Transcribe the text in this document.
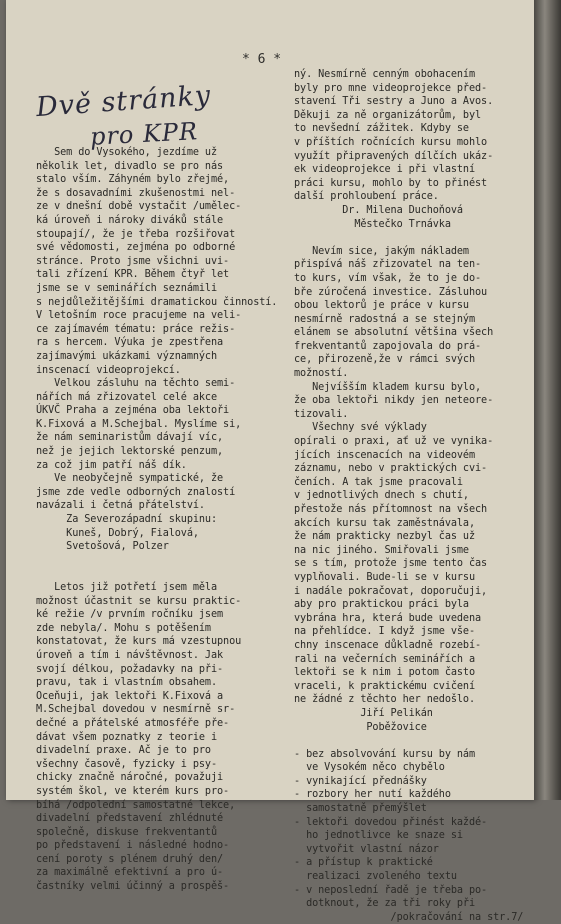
* 6 *
Dvě stránky
pro KPR
Sem do Vysokého, jezdíme už
několik let, divadlo se pro nás
stalo vším. Záhyném bylo zřejmé,
že s dosavadními zkušenostmi nel-
ze v dnešní době vystačit /umělec-
ká úroveň i nároky diváků stále
stoupají/, že je třeba rozšiřovat
své vědomosti, zejména po odborné
stránce. Proto jsme všichni uvi-
tali zřízení KPR. Během čtyř let
jsme se v seminářích seznámili
s nejdůležitějšími dramatickou činností.
V letošním roce pracujeme na veli-
ce zajímavém tématu: práce režis-
ra s hercem. Výuka je zpestřena
zajímavými ukázkami významných
inscenací videoprojekcí.
Velkou zásluhu na těchto semi-
nářích má zřizovatel celé akce
ÚKVČ Praha a zejména oba lektoři
K.Fixová a M.Schejbal. Myslíme si,
že nám seminaristům dávají víc,
než je jejich lektorské penzum,
za což jim patří náš dík.
Ve neobyčejně sympatické, že
jsme zde vedle odborných znalostí
navázali i četná přátelství.
Za Severozápadní skupinu:
Kuneš, Dobrý, Fialová,
Svetošová, Polzer
Letos již potřetí jsem měla
možnost účastnit se kursu praktic-
ké režie /v prvním ročníku jsem
zde nebyla/. Mohu s potěšením
konstatovat, že kurs má vzestupnou
úroveň a tím i návštěvnost. Jak
svojí délkou, požadavky na při-
pravu, tak i vlastním obsahem.
Oceňuji, jak lektoři K.Fixová a
M.Schejbal dovedou v nesmírně sr-
dečné a přátelské atmosféře pře-
dávat všem poznatky z teorie i
divadelní praxe. Ač je to pro
všechny časově, fyzicky i psy-
chicky značně náročné, považuji
systém škol, ve kterém kurs pro-
bíhá /odpolední samostatné lekce,
divadelní představení zhlédnuté
společně, diskuse frekventantů
po představení i následné hodno-
cení poroty s plénem druhý den/
za maximálně efektivní a pro ú-
častníky velmi účinný a prospěš-
ný. Nesmírně cenným obohacením
byly pro mne videoprojekce před-
stavení Tři sestry a Juno a Avos.
Děkuji za ně organizátorům, byl
to nevšední zážitek. Kdyby se
v příštích ročnících kursu mohlo
využít připravených dílčích ukáz-
ek videoprojekce i při vlastní
práci kursu, mohlo by to přinést
další prohloubení práce.
Dr. Milena Duchoňová
Městečko Trnávka
Nevím sice, jakým nákladem
přispívá náš zřizovatel na ten-
to kurs, vím však, že to je do-
bře zúročená investice. Zásluhou
obou lektorů je práce v kursu
nesmírně radostná a se stejným
elánem se absolutní většina všech
frekventantů zapojovala do prá-
ce, přirozeně,že v rámci svých
možností.
Nejvíšším kladem kursu bylo,
že oba lektoři nikdy jen neteore-
tizovali.
Všechny své výklady
opírali o praxi, ať už ve vynika-
jících inscenacích na videovém
záznamu, nebo v praktických cvi-
čeních. A tak jsme pracovali
v jednotlivých dnech s chutí,
přestože nás přítomnost na všech
akcích kursu tak zaměstnávala,
že nám prakticky nezbyl čas už
na nic jiného. Smiřovali jsme
se s tím, protože jsme tento čas
vyplňovali. Bude-li se v kursu
i nadále pokračovat, doporučuji,
aby pro praktickou práci byla
vybrána hra, která bude uvedena
na přehlídce. I když jsme vše-
chny inscenace důkladně rozebí-
rali na večerních seminářích a
lektoři se k nim i potom často
vraceli, k praktickému cvičení
ne žádné z těchto her nedošlo.
Jiří Pelikán
Poběžovice
- bez absolvování kursu by nám
ve Vysokém něco chybělo
- vynikající přednášky
- rozbory her nutí každého
samostatně přemýšlet
- lektoři dovedou přinést každé-
ho jednotlivce ke snaze si
vytvořit vlastní názor
- a přístup k praktické
realizaci zvoleného textu
- v neposlední řadě je třeba po-
dotknout, že za tři roky při
/pokračování na str.7/
